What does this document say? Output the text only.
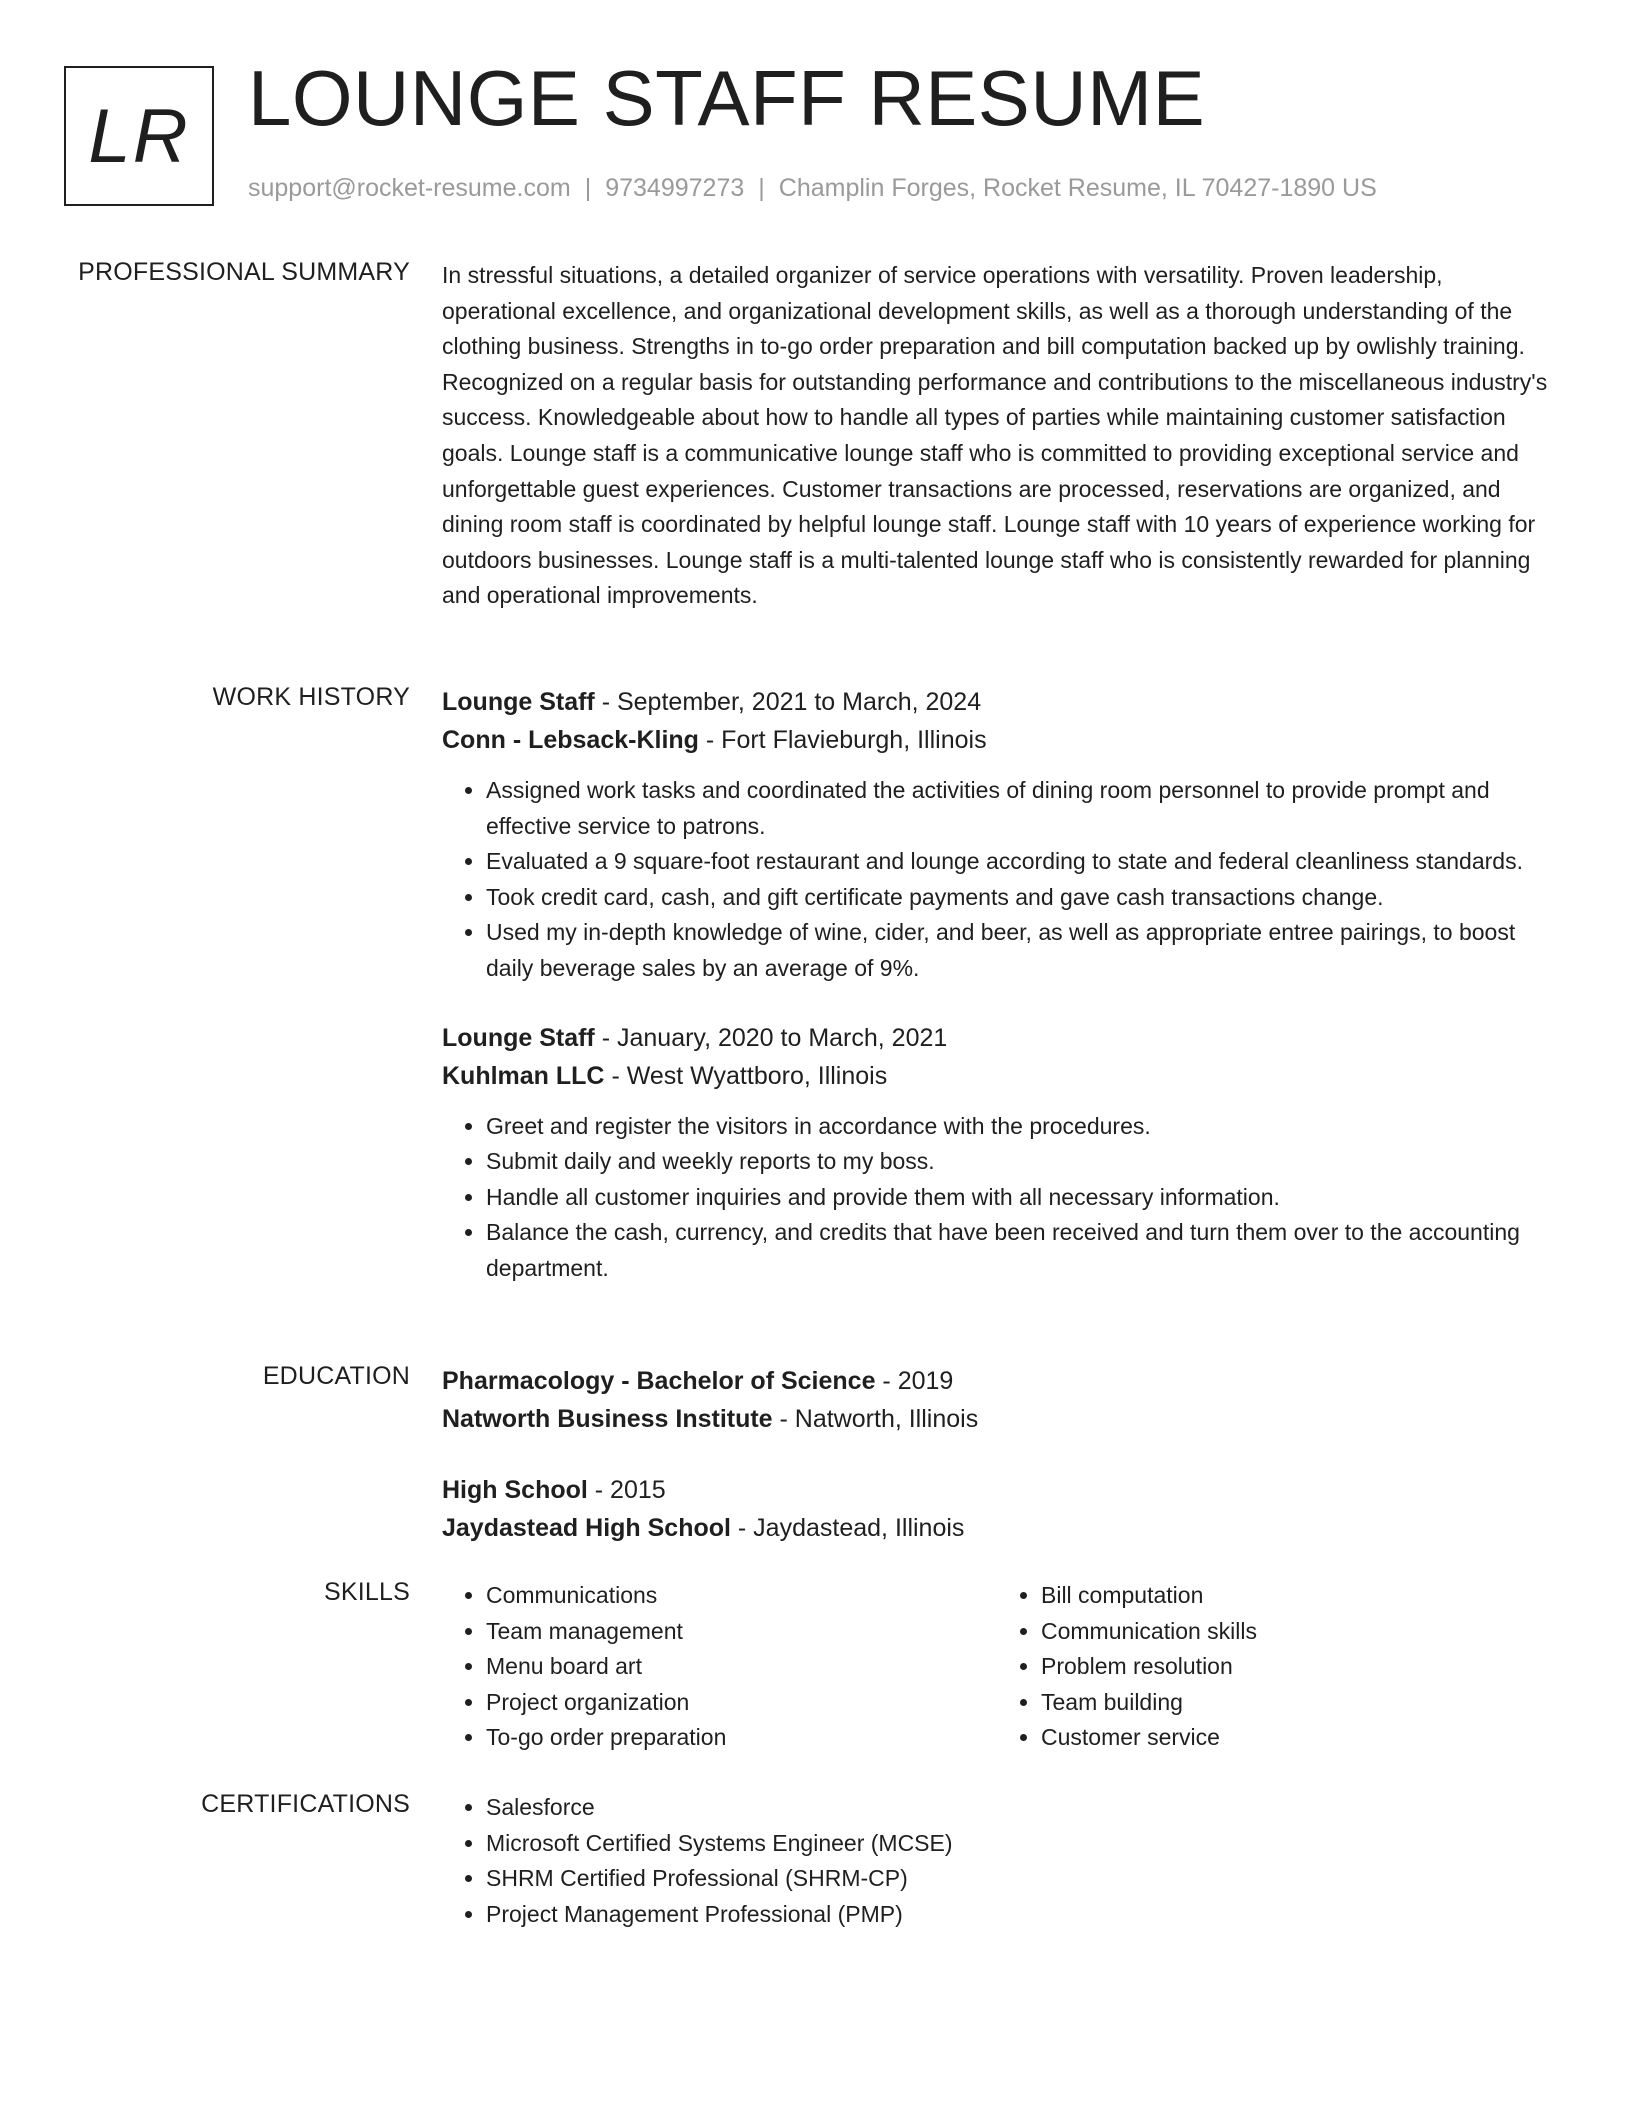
LR LOUNGE STAFF RESUME
support@rocket-resume.com | 9734997273 | Champlin Forges, Rocket Resume, IL 70427-1890 US
PROFESSIONAL SUMMARY In stressful situations, a detailed organizer of service operations with versatility. Proven leadership, operational excellence, and organizational development skills, as well as a thorough understanding of the clothing business. Strengths in to-go order preparation and bill computation backed up by owlishly training. Recognized on a regular basis for outstanding performance and contributions to the miscellaneous industry's success. Knowledgeable about how to handle all types of parties while maintaining customer satisfaction goals. Lounge staff is a communicative lounge staff who is committed to providing exceptional service and unforgettable guest experiences. Customer transactions are processed, reservations are organized, and dining room staff is coordinated by helpful lounge staff. Lounge staff with 10 years of experience working for outdoors businesses. Lounge staff is a multi-talented lounge staff who is consistently rewarded for planning and operational improvements.

WORK HISTORY Lounge Staff - September, 2021 to March, 2024
Conn - Lebsack-Kling - Fort Flavieburgh, Illinois
• Assigned work tasks and coordinated the activities of dining room personnel to provide prompt and effective service to patrons.
• Evaluated a 9 square-foot restaurant and lounge according to state and federal cleanliness standards.
• Took credit card, cash, and gift certificate payments and gave cash transactions change.
• Used my in-depth knowledge of wine, cider, and beer, as well as appropriate entree pairings, to boost daily beverage sales by an average of 9%.
Lounge Staff - January, 2020 to March, 2021
Kuhlman LLC - West Wyattboro, Illinois
• Greet and register the visitors in accordance with the procedures.
• Submit daily and weekly reports to my boss.
• Handle all customer inquiries and provide them with all necessary information.
• Balance the cash, currency, and credits that have been received and turn them over to the accounting department.
EDUCATION Pharmacology - Bachelor of Science - 2019
Natworth Business Institute - Natworth, Illinois
High School - 2015
Jaydastead High School - Jaydastead, Illinois
SKILLS	• Communications
• Team management
• Menu board art
• Project organization
• To-go order preparation
• Bill computation
• Communication skills
• Problem resolution
• Team building
• Customer service
CERTIFICATIONS	• Salesforce
• Microsoft Certified Systems Engineer (MCSE)
• SHRM Certified Professional (SHRM-CP)
• Project Management Professional (PMP)
